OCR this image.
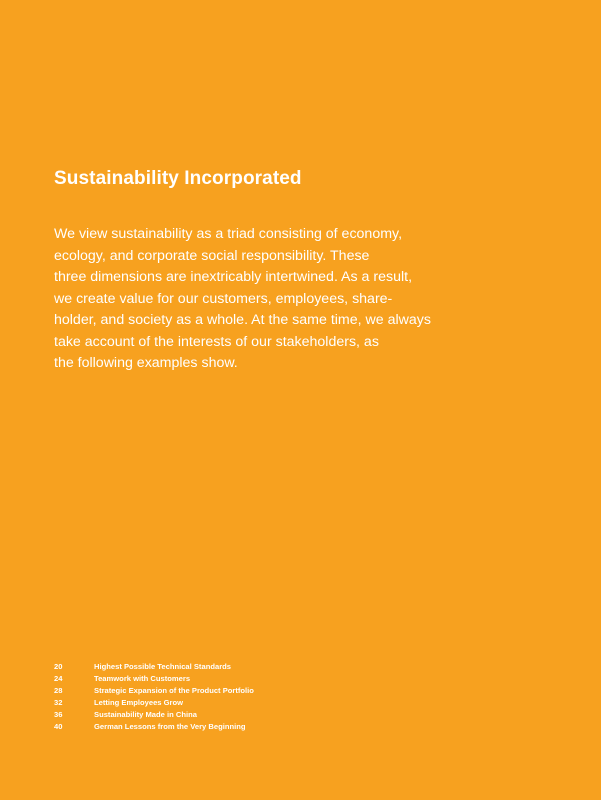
Sustainability Incorporated

We view sustainability as a triad consisting of economy,
ecology, and corporate social responsibility. These
three dimensions are inextricably intertwined. As a result,
we create value for our customers, employees, share-
holder, and society as a whole. At the same time, we always
take account of the interests of our stakeholders, as
the following examples show.

20	Highest Possible Technical Standards
24	Teamwork with Customers
28	Strategic Expansion of the Product Portfolio
32	Letting Employees Grow
36	Sustainability Made in China
40	German Lessons from the Very Beginning
